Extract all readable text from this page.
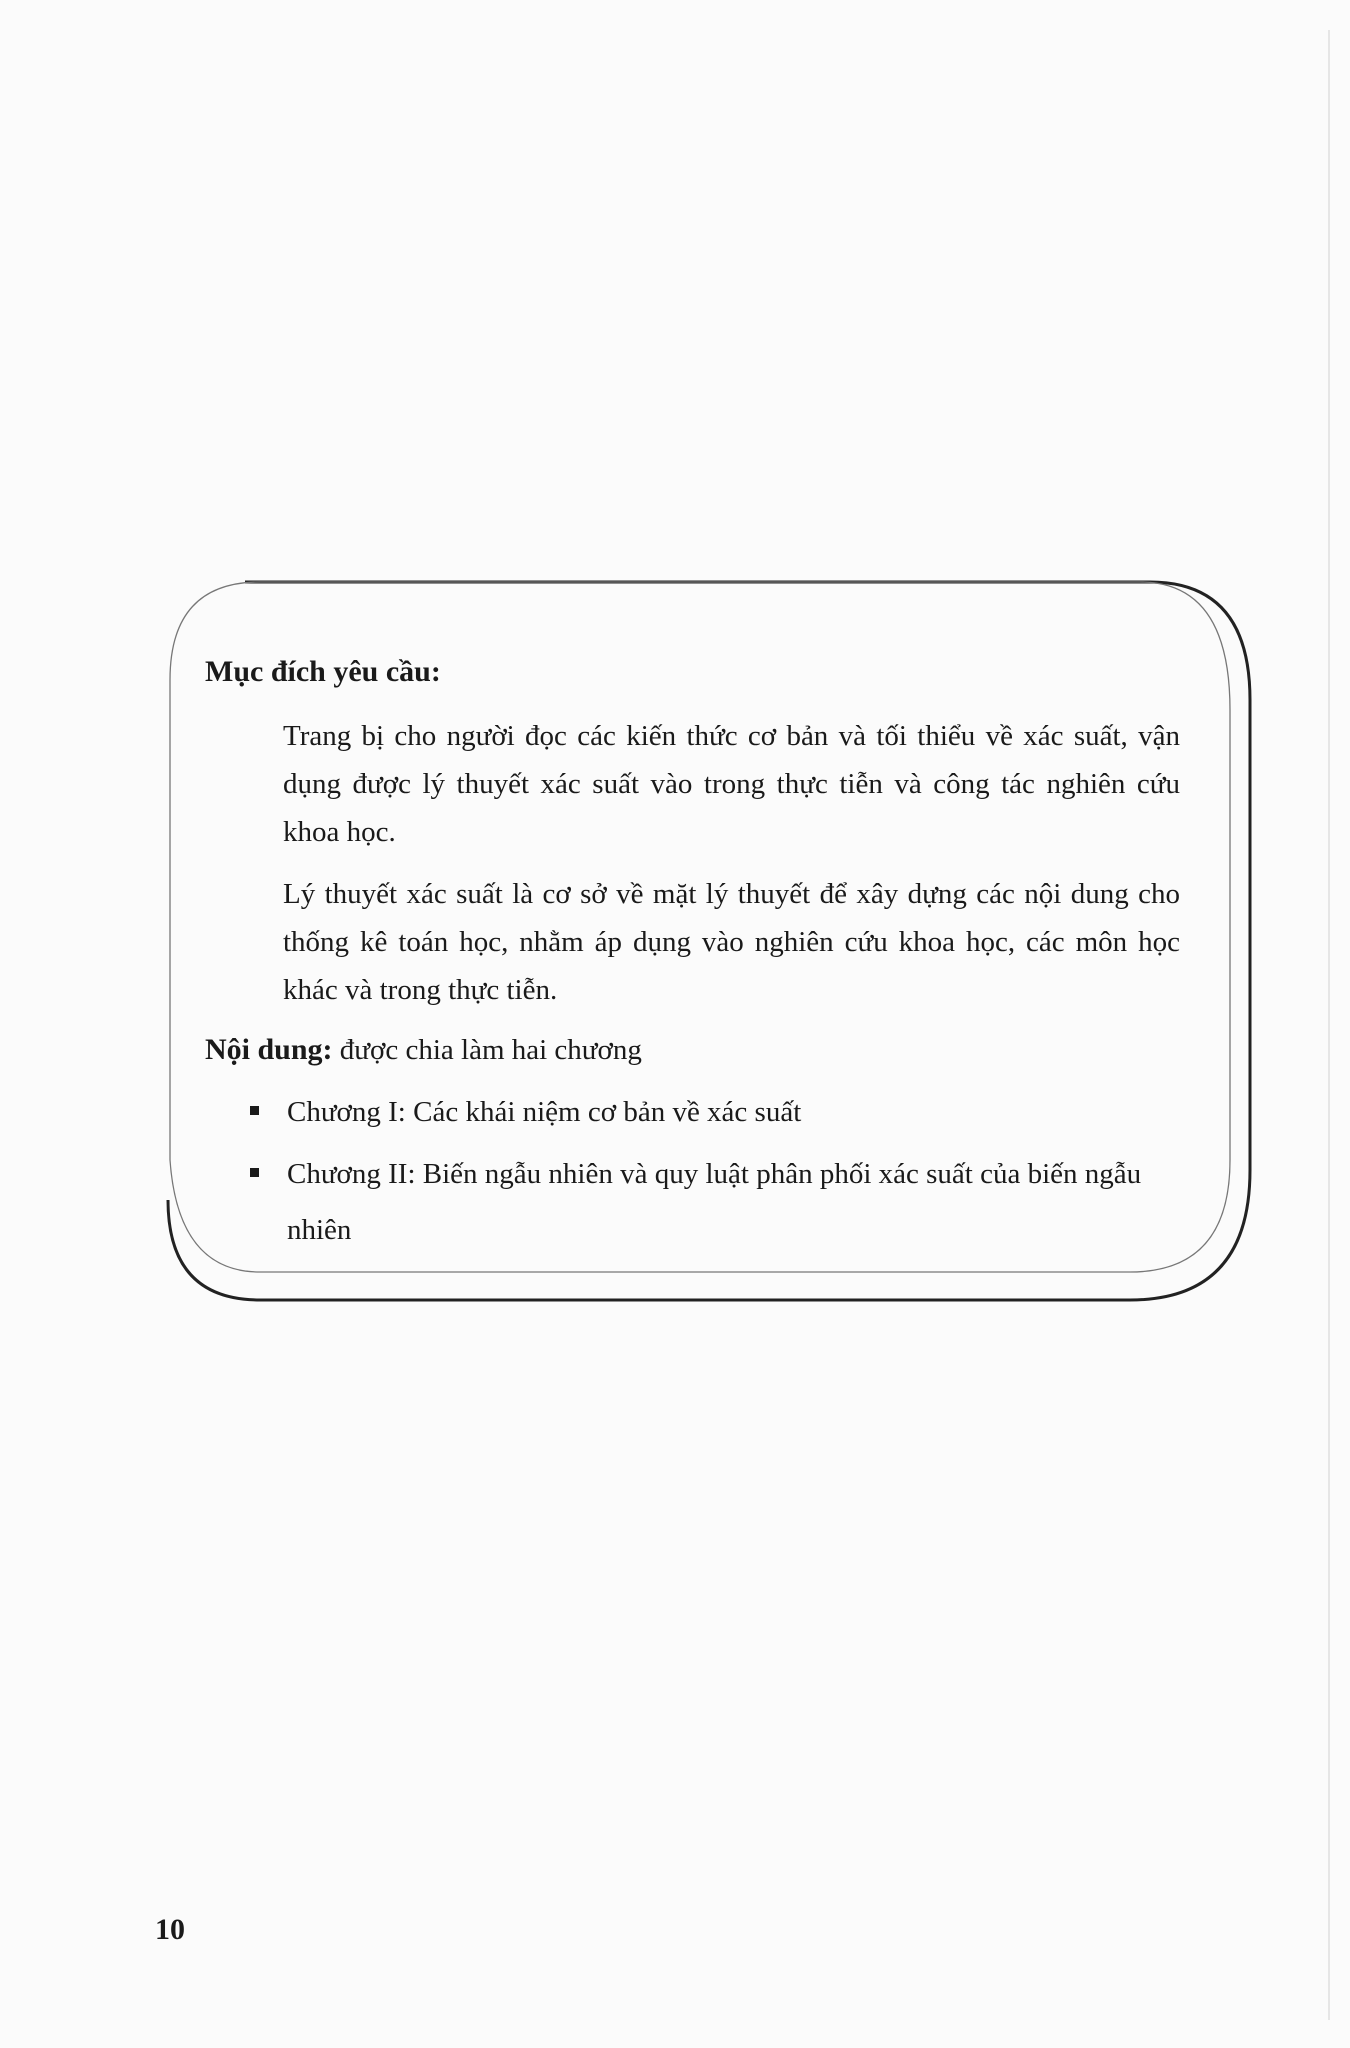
Mục đích yêu cầu:

Trang bị cho người đọc các kiến thức cơ bản và tối thiểu về xác suất, vận dụng được lý thuyết xác suất vào trong thực tiễn và công tác nghiên cứu khoa học.

Lý thuyết xác suất là cơ sở về mặt lý thuyết để xây dựng các nội dung cho thống kê toán học, nhằm áp dụng vào nghiên cứu khoa học, các môn học khác và trong thực tiễn.

Nội dung: được chia làm hai chương
Chương I: Các khái niệm cơ bản về xác suất
Chương II: Biến ngẫu nhiên và quy luật phân phối xác suất của biến ngẫu nhiên
10
